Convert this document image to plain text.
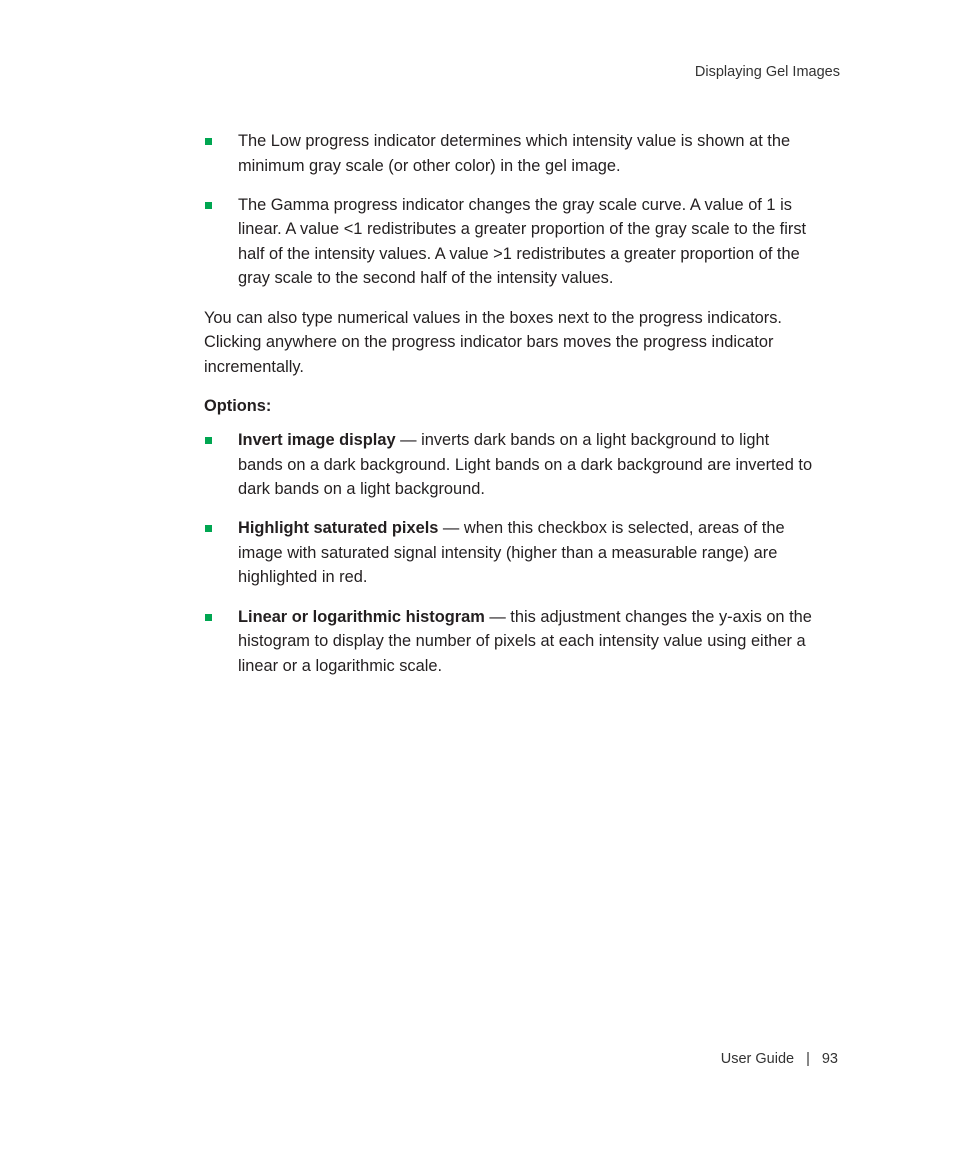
Displaying Gel Images
The Low progress indicator determines which intensity value is shown at the minimum gray scale (or other color) in the gel image.
The Gamma progress indicator changes the gray scale curve. A value of 1 is linear. A value <1 redistributes a greater proportion of the gray scale to the first half of the intensity values. A value >1 redistributes a greater proportion of the gray scale to the second half of the intensity values.

You can also type numerical values in the boxes next to the progress indicators. Clicking anywhere on the progress indicator bars moves the progress indicator incrementally.

Options:
Invert image display — inverts dark bands on a light background to light bands on a dark background. Light bands on a dark background are inverted to dark bands on a light background.
Highlight saturated pixels — when this checkbox is selected, areas of the image with saturated signal intensity (higher than a measurable range) are highlighted in red.
Linear or logarithmic histogram — this adjustment changes the y-axis on the histogram to display the number of pixels at each intensity value using either a linear or a logarithmic scale.
User Guide | 93
